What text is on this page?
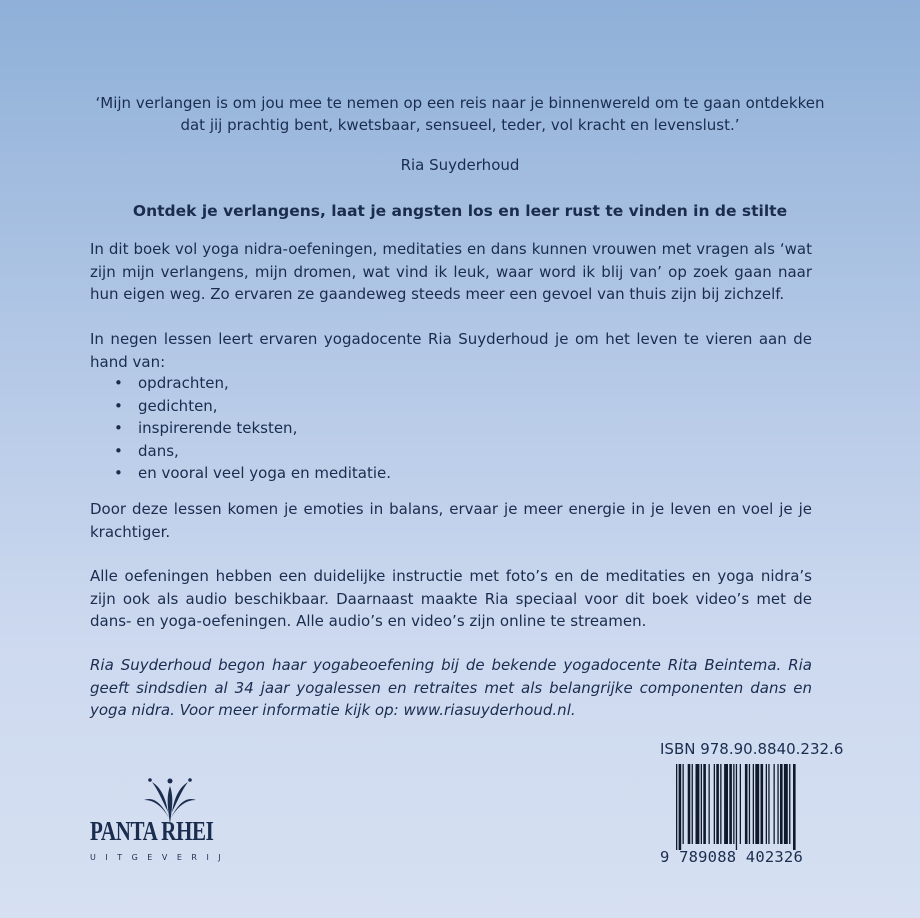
‘Mijn verlangen is om jou mee te nemen op een reis naar je binnenwereld om te gaan ontdekken
dat jij prachtig bent, kwetsbaar, sensueel, teder, vol kracht en levenslust.’
Ria Suyderhoud
Ontdek je verlangens, laat je angsten los en leer rust te vinden in de stilte
In dit boek vol yoga nidra-oefeningen, meditaties en dans kunnen vrouwen met vragen als ‘wat zijn mijn verlangens, mijn dromen, wat vind ik leuk, waar word ik blij van’ op zoek gaan naar hun eigen weg. Zo ervaren ze gaandeweg steeds meer een gevoel van thuis zijn bij zichzelf.
In negen lessen leert ervaren yogadocente Ria Suyderhoud je om het leven te vieren aan de hand van:
• opdrachten,
• gedichten,
• inspirerende teksten,
• dans,
• en vooral veel yoga en meditatie.
Door deze lessen komen je emoties in balans, ervaar je meer energie in je leven en voel je je krachtiger.
Alle oefeningen hebben een duidelijke instructie met foto’s en de meditaties en yoga nidra’s zijn ook als audio beschikbaar. Daarnaast maakte Ria speciaal voor dit boek video’s met de dans- en yoga-oefeningen. Alle audio’s en video’s zijn online te streamen.
Ria Suyderhoud begon haar yogabeoefening bij de bekende yogadocente Rita Beintema. Ria geeft sindsdien al 34 jaar yogalessen en retraites met als belangrijke componenten dans en yoga nidra. Voor meer informatie kijk op: www.riasuyderhoud.nl.
PANTA RHEI
UITGEVERIJ
ISBN 978.90.8840.232.6
9 789088 402326
